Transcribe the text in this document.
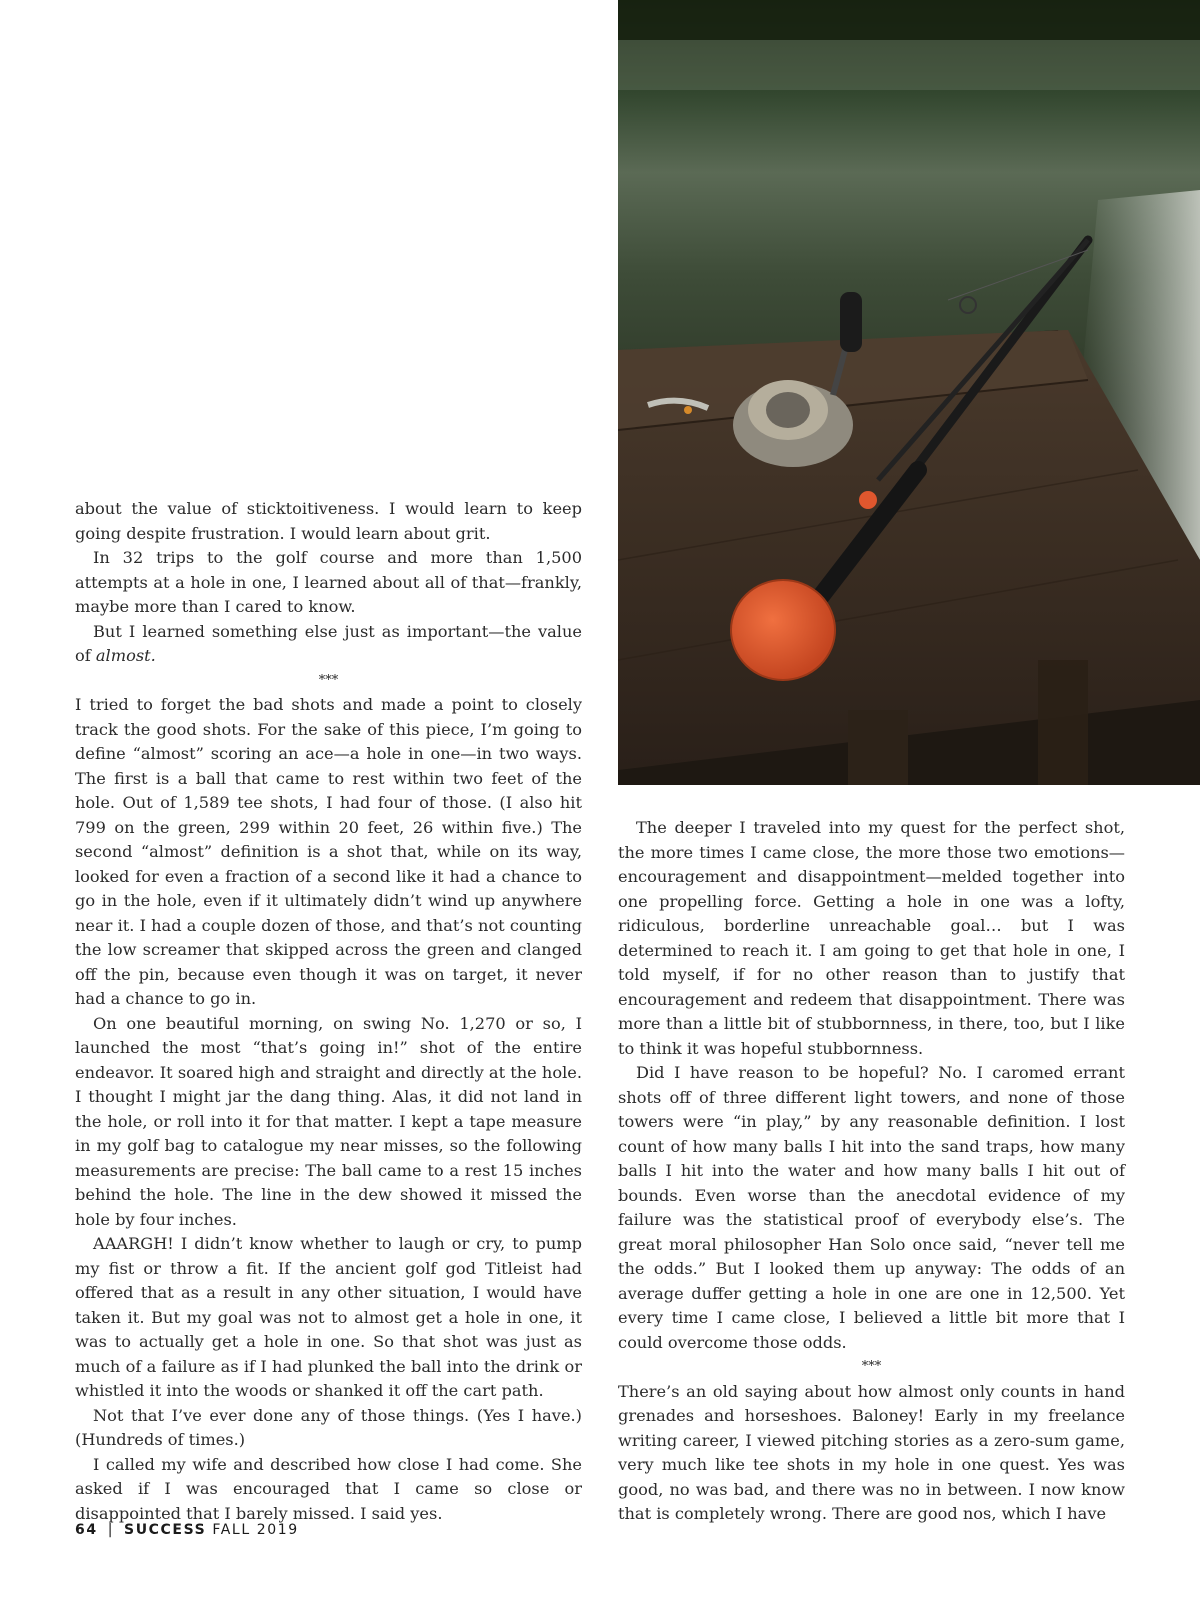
about the value of sticktoitiveness. I would learn to keep going despite frustration. I would learn about grit.

In 32 trips to the golf course and more than 1,500 attempts at a hole in one, I learned about all of that—frankly, maybe more than I cared to know.

But I learned something else just as important—the value of almost.

***

I tried to forget the bad shots and made a point to closely track the good shots. For the sake of this piece, I’m going to define “almost” scoring an ace—a hole in one—in two ways. The first is a ball that came to rest within two feet of the hole. Out of 1,589 tee shots, I had four of those. (I also hit 799 on the green, 299 within 20 feet, 26 within five.) The second “almost” definition is a shot that, while on its way, looked for even a fraction of a second like it had a chance to go in the hole, even if it ultimately didn’t wind up anywhere near it. I had a couple dozen of those, and that’s not counting the low screamer that skipped across the green and clanged off the pin, because even though it was on target, it never had a chance to go in.

On one beautiful morning, on swing No. 1,270 or so, I launched the most “that’s going in!” shot of the entire endeavor. It soared high and straight and directly at the hole. I thought I might jar the dang thing. Alas, it did not land in the hole, or roll into it for that matter. I kept a tape measure in my golf bag to catalogue my near misses, so the following measurements are precise: The ball came to a rest 15 inches behind the hole. The line in the dew showed it missed the hole by four inches.

AAARGH! I didn’t know whether to laugh or cry, to pump my fist or throw a fit. If the ancient golf god Titleist had offered that as a result in any other situation, I would have taken it. But my goal was not to almost get a hole in one, it was to actually get a hole in one. So that shot was just as much of a failure as if I had plunked the ball into the drink or whistled it into the woods or shanked it off the cart path.

Not that I’ve ever done any of those things. (Yes I have.) (Hundreds of times.)

I called my wife and described how close I had come. She asked if I was encouraged that I came so close or disappointed that I barely missed. I said yes.

The deeper I traveled into my quest for the perfect shot, the more times I came close, the more those two emotions—encouragement and disappointment—melded together into one propelling force. Getting a hole in one was a lofty, ridiculous, borderline unreachable goal… but I was determined to reach it. I am going to get that hole in one, I told myself, if for no other reason than to justify that encouragement and redeem that disappointment. There was more than a little bit of stubbornness, in there, too, but I like to think it was hopeful stubbornness.

Did I have reason to be hopeful? No. I caromed errant shots off of three different light towers, and none of those towers were “in play,” by any reasonable definition. I lost count of how many balls I hit into the sand traps, how many balls I hit into the water and how many balls I hit out of bounds. Even worse than the anecdotal evidence of my failure was the statistical proof of everybody else’s. The great moral philosopher Han Solo once said, “never tell me the odds.” But I looked them up anyway: The odds of an average duffer getting a hole in one are one in 12,500. Yet every time I came close, I believed a little bit more that I could overcome those odds.

***

There’s an old saying about how almost only counts in hand grenades and horseshoes. Baloney! Early in my freelance writing career, I viewed pitching stories as a zero-sum game, very much like tee shots in my hole in one quest. Yes was good, no was bad, and there was no in between. I now know that is completely wrong. There are good nos, which I have

64 | SUCCESS FALL 2019
